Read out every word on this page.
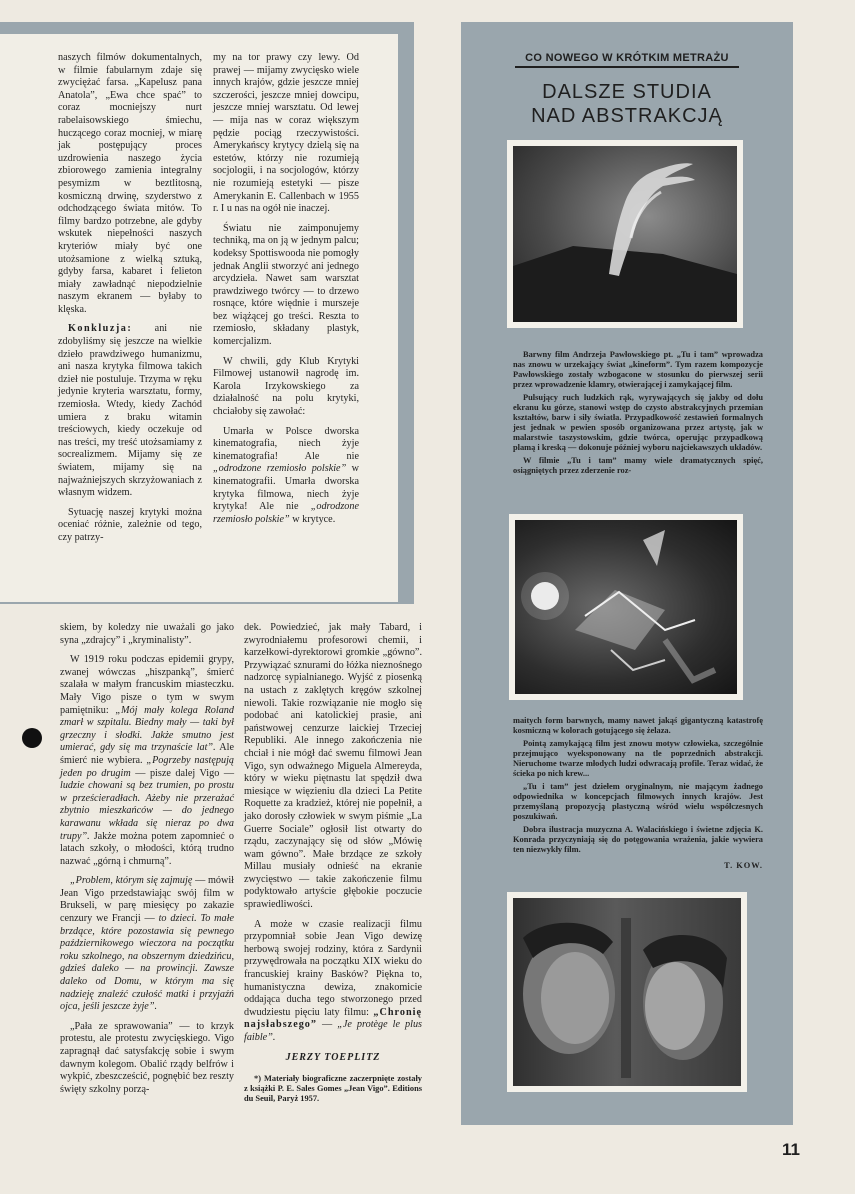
naszych filmów dokumentalnych, w filmie fabularnym zdaje się zwyciężać farsa. „Kapelusz pana Anatola”, „Ewa chce spać” to coraz mocniejszy nurt rabelaisowskiego śmiechu, huczącego coraz mocniej, w miarę jak postępujący proces uzdrowienia naszego życia zbiorowego zamienia integralny pesymizm w beztlitosną, kosmiczną drwinę, szyderstwo z odchodzącego świata mitów. To filmy bardzo potrzebne, ale gdyby wskutek niepełności naszych kryteriów miały być one utożsamione z wielką sztuką, gdyby farsa, kabaret i felieton miały zawładnąć niepodzielnie naszym ekranem — byłaby to klęska.

Konkluzja: ani nie zdobyliśmy się jeszcze na wielkie dzieło prawdziwego humanizmu, ani nasza krytyka filmowa takich dzieł nie postuluje. Trzyma w ręku jedynie kryteria warsztatu, formy, rzemiosła. Wtedy, kiedy Zachód umiera z braku witamin treściowych, kiedy oczekuje od nas treści, my treść utożsamiamy z socrealizmem. Mijamy się ze światem, mijamy się na najważniejszych skrzyżowaniach z własnym widzem.

Sytuację naszej krytyki można oceniać różnie, zależnie od tego, czy patrzy-

my na tor prawy czy lewy. Od prawej — mijamy zwycięsko wiele innych krajów, gdzie jeszcze mniej szczerości, jeszcze mniej dowcipu, jeszcze mniej warsztatu. Od lewej — mija nas w coraz większym pędzie pociąg rzeczywistości. Amerykańscy krytycy dzielą się na estetów, którzy nie rozumieją socjologii, i na socjologów, którzy nie rozumieją estetyki — pisze Amerykanin E. Callenbach w 1955 r. I u nas na ogół nie inaczej.

Światu nie zaimponujemy techniką, ma on ją w jednym palcu; kodeksy Spottiswooda nie pomogły jednak Anglii stworzyć ani jednego arcydzieła. Nawet sam warsztat prawdziwego twórcy — to drzewo rosnące, które więdnie i murszeje bez wiążącej go treści. Reszta to rzemiosło, składany plastyk, komercjalizm.

W chwili, gdy Klub Krytyki Filmowej ustanowił nagrodę im. Karola Irzykowskiego za działalność na polu krytyki, chciałoby się zawołać:

Umarła w Polsce dworska kinematografia, niech żyje kinematografia! Ale nie „odrodzone rzemiosło polskie” w kinematografii. Umarła dworska krytyka filmowa, niech żyje krytyka! Ale nie „odrodzone rzemiosło polskie” w krytyce.

skiem, by koledzy nie uważali go jako syna „zdrajcy” i „kryminalisty”.

W 1919 roku podczas epidemii grypy, zwanej wówczas „hiszpanką”, śmierć szalała w małym francuskim miasteczku. Mały Vigo pisze o tym w swym pamiętniku: „Mój mały kolega Roland zmarł w szpitalu. Biedny mały — taki był grzeczny i słodki. Jakże smutno jest umierać, gdy się ma trzynaście lat”. Ale śmierć nie wybiera. „Pogrzeby następują jeden po drugim — pisze dalej Vigo — ludzie chowani są bez trumien, po prostu w prześcieradłach. Ażeby nie przerażać zbytnio mieszkańców — do jednego karawanu wkłada się nieraz po dwa trupy”. Jakże można potem zapomnieć o latach szkoły, o młodości, którą trudno nazwać „górną i chmurną”.

„Problem, którym się zajmuję — mówił Jean Vigo przedstawiając swój film w Brukseli, w parę miesięcy po zakazie cenzury we Francji — to dzieci. To małe brzdące, które pozostawia się pewnego październikowego wieczora na początku roku szkolnego, na obszernym dziedzińcu, gdzieś daleko — na prowincji. Zawsze daleko od Domu, w którym ma się nadzieję znaleźć czułość matki i przyjaźń ojca, jeśli jeszcze żyje”.

„Pała ze sprawowania” — to krzyk protestu, ale protestu zwycięskiego. Vigo zapragnął dać satysfakcję sobie i swym dawnym kolegom. Obalić rządy belfrów i wykpić, zbeszcześcić, pognębić bez reszty święty szkolny porzą-

dek. Powiedzieć, jak mały Tabard, i zwyrodniałemu profesorowi chemii, i karzełkowi-dyrektorowi gromkie „gówno”. Przywiązać sznurami do łóżka nieznośnego nadzorcę sypialnianego. Wyjść z piosenką na ustach z zaklętych kręgów szkolnej niewoli. Takie rozwiązanie nie mogło się podobać ani katolickiej prasie, ani państwowej cenzurze laickiej Trzeciej Republiki. Ale innego zakończenia nie chciał i nie mógł dać swemu filmowi Jean Vigo, syn odważnego Miguela Almereyda, który w wieku piętnastu lat spędził dwa miesiące w więzieniu dla dzieci La Petite Roquette za kradzież, której nie popełnił, a jako dorosły człowiek w swym piśmie „La Guerre Sociale” ogłosił list otwarty do rządu, zaczynający się od słów „Mówię wam gówno”. Małe brzdące ze szkoły Millau musiały odnieść na ekranie zwycięstwo — takie zakończenie filmu podyktowało artyście głębokie poczucie sprawiedliwości.

A może w czasie realizacji filmu przypomniał sobie Jean Vigo dewizę herbową swojej rodziny, która z Sardynii przywędrowała na początku XIX wieku do francuskiej krainy Basków? Piękna to, humanistyczna dewiza, znakomicie oddająca ducha tego stworzonego przed dwudziestu pięciu laty filmu: „Chronię najsłabszego” — „Je protège le plus faible”.

JERZY TOEPLITZ
*) Materiały biograficzne zaczerpnięte zostały z książki P. E. Sales Gomes „Jean Vigo”. Editions du Seuil, Paryż 1957.
CO NOWEGO W KRÓTKIM METRAŻU
DALSZE STUDIA
NAD ABSTRAKCJĄ

Barwny film Andrzeja Pawłowskiego pt. „Tu i tam” wprowadza nas znowu w urzekający świat „kineform”. Tym razem kompozycje Pawłowskiego zostały wzbogacone w stosunku do pierwszej serii przez wprowadzenie klamry, otwierającej i zamykającej film.

Pulsujący ruch ludzkich rąk, wyrywających się jakby od dołu ekranu ku górze, stanowi wstęp do czysto abstrakcyjnych przemian kształtów, barw i siły światła. Przypadkowość zestawień formalnych jest jednak w pewien sposób organizowana przez artystę, jak w malarstwie taszystowskim, gdzie twórca, operując przypadkową plamą i kreską — dokonuje później wyboru najciekawszych układów.

W filmie „Tu i tam” mamy wiele dramatycznych spięć, osiągniętych przez zderzenie roz-

maitych form barwnych, mamy nawet jakąś gigantyczną katastrofę kosmiczną w kolorach gotującego się żelaza.

Pointą zamykającą film jest znowu motyw człowieka, szczególnie przejmująco wyeksponowany na tle poprzednich abstrakcji. Nieruchome twarze młodych ludzi odwracają profile. Teraz widać, że ścieka po nich krew...

„Tu i tam” jest dziełem oryginalnym, nie mającym żadnego odpowiednika w koncepcjach filmowych innych krajów. Jest przemyślaną propozycją plastyczną wśród wielu współczesnych poszukiwań.

Dobra ilustracja muzyczna A. Walacińskiego i świetne zdjęcia K. Konrada przyczyniają się do potęgowania wrażenia, jakie wywiera ten niezwykły film.

T. KOW.
11
